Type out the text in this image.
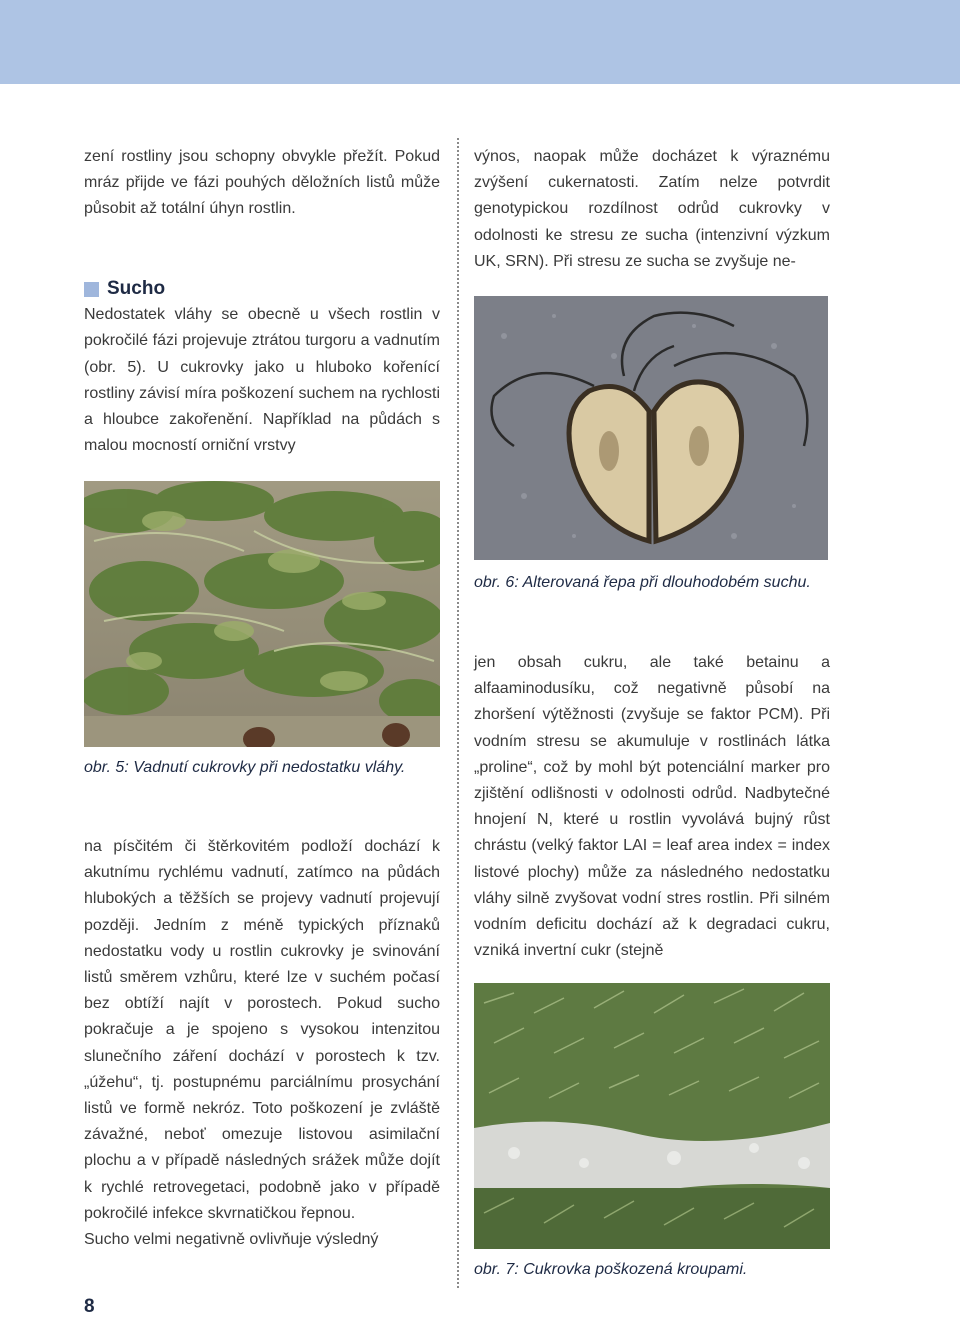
zení rostliny jsou schopny obvykle přežít. Pokud mráz přijde ve fázi pouhých děložních listů může působit až totální úhyn rostlin.

Sucho

Nedostatek vláhy se obecně u všech rostlin v pokročilé fázi projevuje ztrátou turgoru a vadnutím (obr. 5). U cukrovky jako u hluboko kořenící rostliny závisí míra poškození suchem na rychlosti a hloubce zakořenění. Například na půdách s malou mocností orniční vrstvy

obr. 5: Vadnutí cukrovky při nedostatku vláhy.

na písčitém či štěrkovitém podloží dochází k akutnímu rychlému vadnutí, zatímco na půdách hlubokých a těžších se projevy vadnutí projevují později. Jedním z méně typických příznaků nedostatku vody u rostlin cukrovky je svinování listů směrem vzhůru, které lze v suchém počasí bez obtíží najít v porostech. Pokud sucho pokračuje a je spojeno s vysokou intenzitou slunečního záření dochází v porostech k tzv. „úžehu“, tj. postupnému parciálnímu prosychání listů ve formě nekróz. Toto poškození je zvláště závažné, neboť omezuje listovou asimilační plochu a v případě následných srážek může dojít k rychlé retrovegetaci, podobně jako v případě pokročilé infekce skvrnatičkou řepnou.

Sucho velmi negativně ovlivňuje výsledný

výnos, naopak může docházet k výraznému zvýšení cukernatosti. Zatím nelze potvrdit genotypickou rozdílnost odrůd cukrovky v odolnosti ke stresu ze sucha (intenzivní výzkum UK, SRN). Při stresu ze sucha se zvyšuje ne-

obr. 6: Alterovaná řepa při dlouhodobém suchu.

jen obsah cukru, ale také betainu a alfaaminodusíku, což negativně působí na zhoršení výtěžnosti (zvyšuje se faktor PCM). Při vodním stresu se akumuluje v rostlinách látka „proline“, což by mohl být potenciální marker pro zjištění odlišnosti v odolnosti odrůd. Nadbytečné hnojení N, které u rostlin vyvolává bujný růst chrástu (velký faktor LAI = leaf area index = index listové plochy) může za následného nedostatku vláhy silně zvyšovat vodní stres rostlin. Při silném vodním deficitu dochází až k degradaci cukru, vzniká invertní cukr (stejně

obr. 7: Cukrovka poškozená kroupami.

8
